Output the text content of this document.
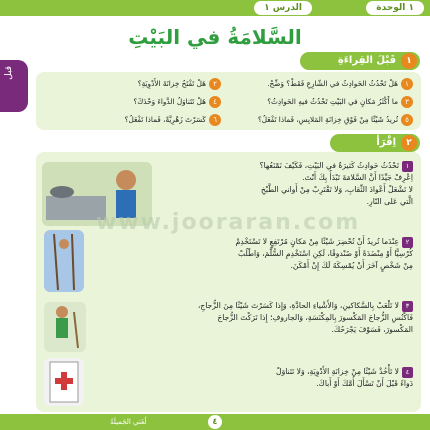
١ الوحدة
الدرس ١
السَّلامَةُ في البَيْتِ
قبل
١
قَبْلَ القِراءَةِ
١هَلْ تَحْدُثُ الحَوادِثُ في الشّارِعِ فَقَطْ؟ وَضِّحْ.
٢هَلْ تَفْتَحُ خِزانَةَ الأَدْوِيَةِ؟
٣ما أَكْثَرُ مَكانٍ في البَيْتِ تَحْدُثُ فيهِ الحَوادِثُ؟
٤هَلْ تَتَناوَلُ الدَّواءَ وَحْدَكَ؟
٥تُريدُ شَيْئًا مِنْ فَوْقِ خِزانَةِ المَلابِسِ، فَماذا تَفْعَلُ؟
٦كَسَرْتَ زَهْرِيَّةً، فَماذا تَفْعَلُ؟
٢
اِقْرَأْ
١تَحْدُثُ حَوادِثُ كَثيرَةٌ في البَيْتِ، فَكَيْفَ نَمْنَعُها؟
اِعْرِفْ جَيِّدًا أَنَّ السَّلامَةَ تَبْدَأُ بِكَ أَنْتَ.
لا تَشْعَلْ أَعْوادَ الثِّقابِ، وَلا تَقْتَرِبْ مِنْ أَواني الطَّبْخِ
الَّتي عَلى النّارِ.
٢عِنْدَما تُريدُ أَنْ تُحْضِرَ شَيْئًا مِنْ مَكانٍ مُرْتَفِعٍ لا تَسْتَخْدِمْ
كُرْسِيًّا أَوْ مِنْضَدَةً أَوْ صُنْدوقًا، لَكِنِ اسْتَخْدِمِ السُّلَّمَ، وَاطْلُبْ
مِنْ شَخْصٍ آخَرَ أَنْ يُمْسِكَهُ لَكَ إِنْ أَمْكَنَ.
٣لا تَلْعَبْ بِالسَّكاكينِ، وَالأَشْياءِ الحادَّةِ، وَإِذا كَسَرْتَ شَيْئًا مِنَ الزُّجاجِ،
فَاكْنُسِ الزُّجاجَ المَكْسورَ بِالمِكْنَسَةِ، وَالجاروفِ؛ إِذا تَرَكْتَ الزُّجاجَ
المَكْسورَ، فَسَوْفَ يَجْرَحُكَ.
٤لا تَأْخُذْ شَيْئًا مِنْ خِزانَةِ الأَدْوِيَةِ، وَلا تَتَناوَلْ
دَواءً قَبْلَ أَنْ تَسْأَلَ أُمَّكَ أَوْ أَباكَ.
www.jooraran.com
لُغَتي الجَميلَةُ	٤
